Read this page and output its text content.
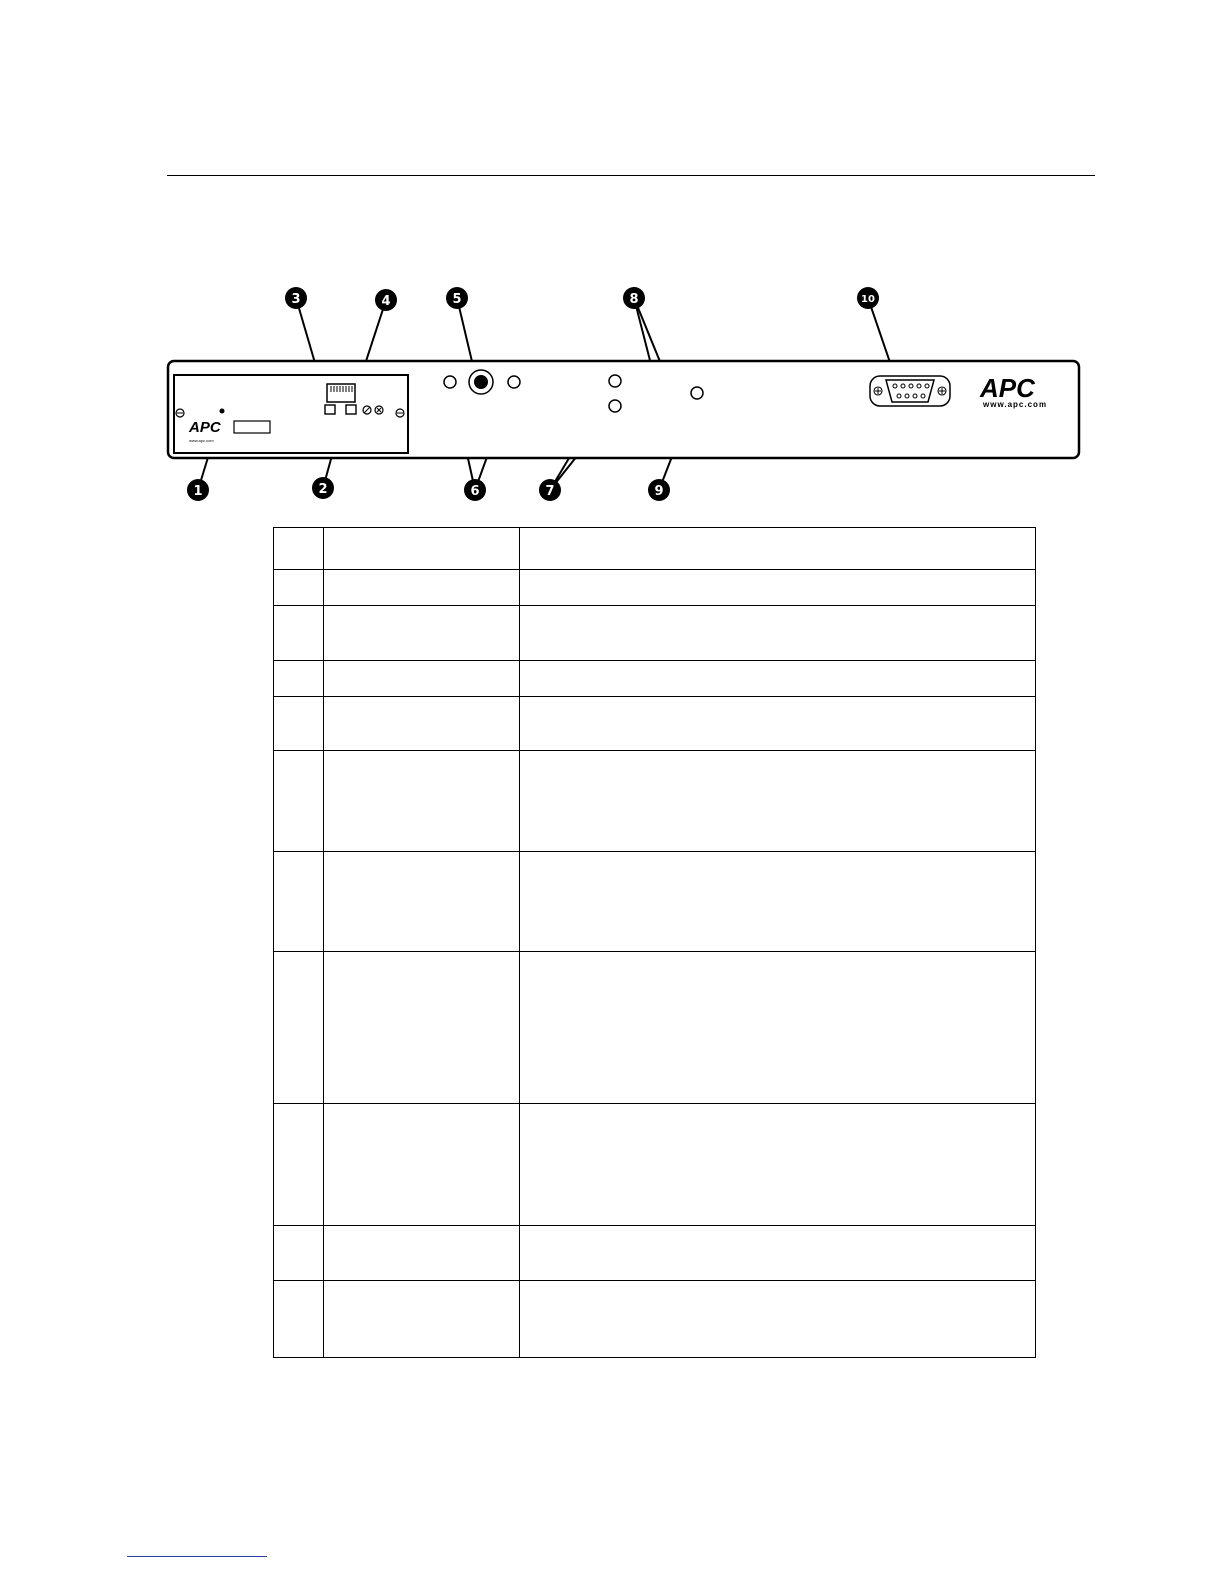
APC
www.apc.com
APC
www.apc.com
3	4	5	8	10
1	2	6	7	9
